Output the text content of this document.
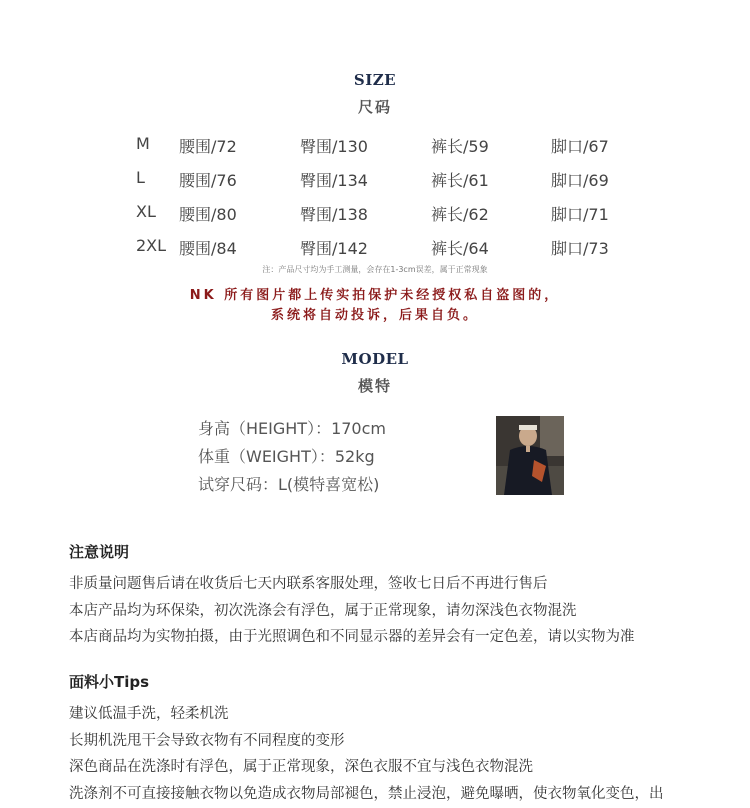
SIZE
尺码
M 腰围/72	臀围/130	裤长/59	脚口/67
L 腰围/76	臀围/134	裤长/61	脚口/69
XL 腰围/80	臀围/138	裤长/62	脚口/71
2XL 腰围/84	臀围/142	裤长/64	脚口/73
注：产品尺寸均为手工测量，会存在1-3cm误差，属于正常现象
NK 所有图片都上传实拍保护未经授权私自盗图的，
系统将自动投诉，后果自负。
MODEL
模特
身高（HEIGHT）：170cm
体重（WEIGHT）：52kg
试穿尺码：L(模特喜宽松)
注意说明
非质量问题售后请在收货后七天内联系客服处理，签收七日后不再进行售后
本店产品均为环保染，初次洗涤会有浮色，属于正常现象，请勿深浅色衣物混洗
本店商品均为实物拍摄，由于光照调色和不同显示器的差异会有一定色差，请以实物为准
面料小Tips
建议低温手洗，轻柔机洗
长期机洗甩干会导致衣物有不同程度的变形
深色商品在洗涤时有浮色，属于正常现象，深色衣服不宜与浅色衣物混洗
洗涤剂不可直接接触衣物以免造成衣物局部褪色，禁止浸泡，避免曝晒，使衣物氧化变色，出
